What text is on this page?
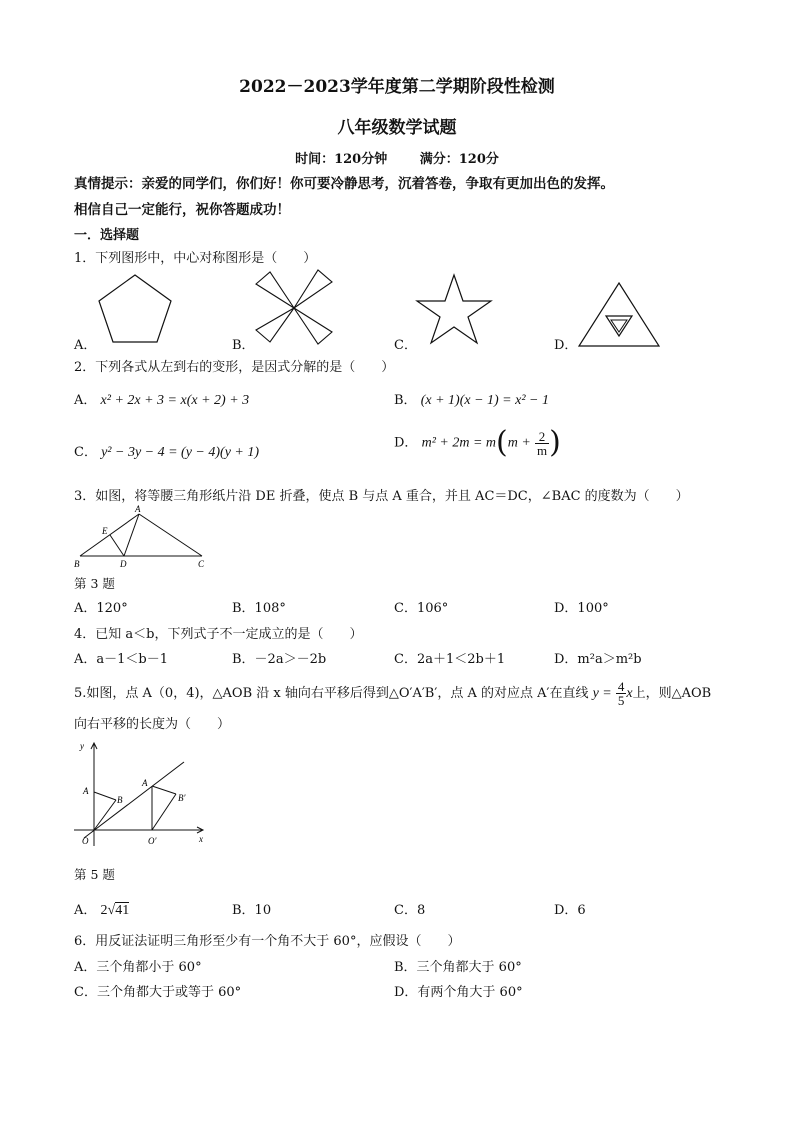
2022－2023学年度第二学期阶段性检测
八年级数学试题
时间：120分钟	满分：120分
真情提示：亲爱的同学们，你们好！你可要冷静思考，沉着答卷，争取有更加出色的发挥。
相信自己一定能行，祝你答题成功！
一．选择题
1．下列图形中，中心对称图形是（　　）
A．	B．	C．	D．
2．下列各式从左到右的变形，是因式分解的是（　　）
A． x² + 2x + 3 = x(x + 2) + 3	B． (x + 1)(x − 1) = x² − 1
C． y² − 3y − 4 = (y − 4)(y + 1)
D． $m^2 + 2m = m(m + \frac{2}{m}$ )
3．如图，将等腰三角形纸片沿 DE 折叠，使点 B 与点 A 重合，并且 AC＝DC，∠BAC 的度数为（　　）
A
B	C
D
E
第 3 题
A．120°	B．108°	C．106°	D．100°
4．已知 a＜b，下列式子不一定成立的是（　　）
A．a－1＜b－1	B．－2a＞－2b	C．2a＋1＜2b＋1	D．m²a＞m²b
5.如图，点 A（0，4)，△AOB 沿 x 轴向右平移后得到△O′A′B′，点 A 的对应点 A′在直线 $y = \frac{4}{5}$ x上，则△AOB
向右平移的长度为（　　）
y
x
A
B
O
A
B′
O′
第 5 题
A． 2√41	B．10	C．8	D．6
6．用反证法证明三角形至少有一个角不大于 60°，应假设（　　）
A．三个角都小于 60°	B．三个角都大于 60°
C．三个角都大于或等于 60°	D．有两个角大于 60°
